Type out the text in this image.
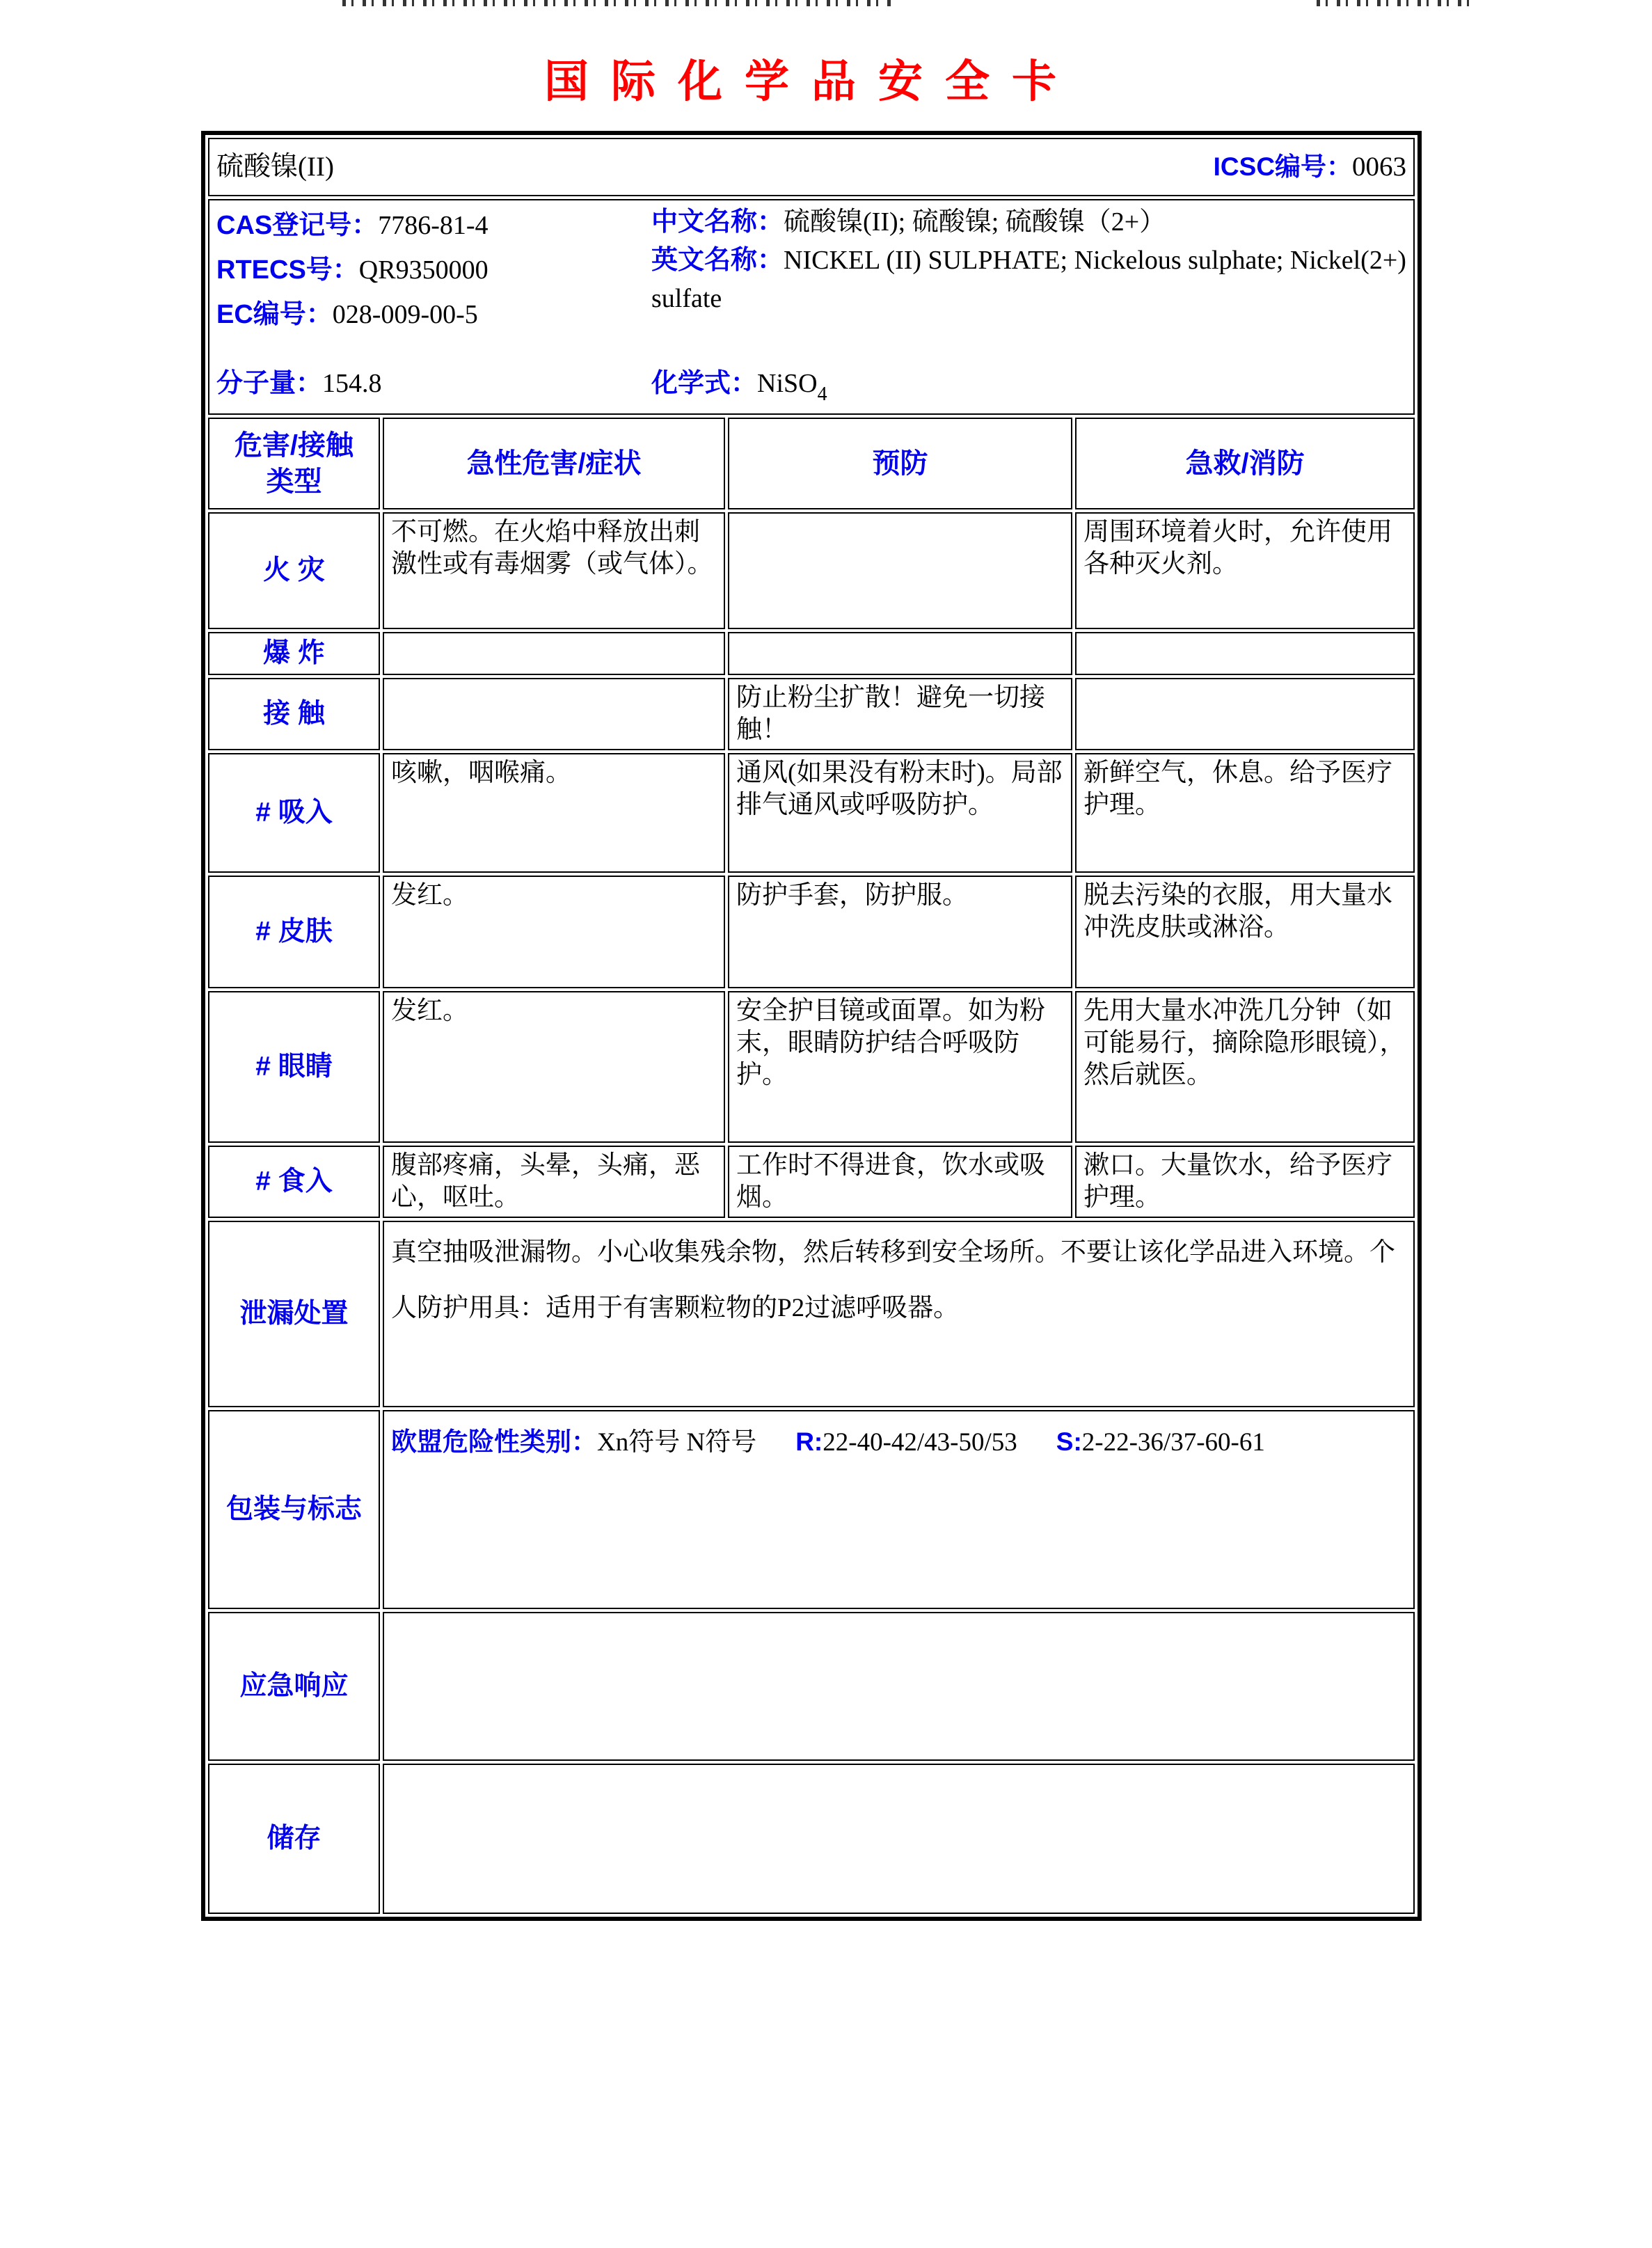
国际化学品安全卡
硫酸镍(II) ICSC编号：0063			

CAS登记号：7786-81-4
RTECS号：QR9350000
EC编号：028-009-00-5
中文名称：硫酸镍(II); 硫酸镍; 硫酸镍（2+）
英文名称：NICKEL (II) SULPHATE; Nickelous sulphate; Nickel(2+) sulfate
分子量：154.8	化学式：NiSO$_4$

危害/接触
类型	急性危害/症状	预防	急救/消防
火 灾	不可燃。在火焰中释放出刺激性或有毒烟雾（或气体）。		周围环境着火时，允许使用各种灭火剂。
爆 炸			
接 触		防止粉尘扩散！避免一切接触！	
# 吸入	咳嗽，咽喉痛。	通风(如果没有粉末时)。局部排气通风或呼吸防护。	新鲜空气，休息。给予医疗护理。
# 皮肤	发红。	防护手套，防护服。	脱去污染的衣服，用大量水冲洗皮肤或淋浴。
# 眼睛	发红。	安全护目镜或面罩。如为粉末，眼睛防护结合呼吸防护。	先用大量水冲洗几分钟（如可能易行，摘除隐形眼镜），然后就医。
# 食入	腹部疼痛，头晕，头痛，恶心，呕吐。	工作时不得进食，饮水或吸烟。	漱口。大量饮水，给予医疗护理。
泄漏处置	真空抽吸泄漏物。小心收集残余物，然后转移到安全场所。不要让该化学品进入环境。个人防护用具：适用于有害颗粒物的P2过滤呼吸器。		
包装与标志	欧盟危险性类别：Xn符号 N符号 R:22-40-42/43-50/53 S:2-22-36/37-60-61		
应急响应			
储存			
